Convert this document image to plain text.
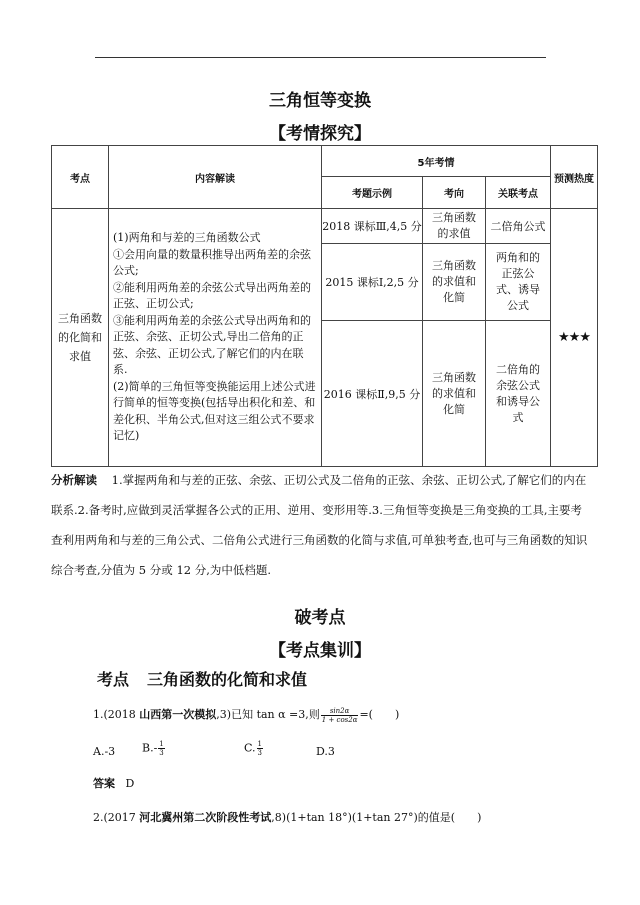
三角恒等变换
【考情探究】
考点	内容解读	5年考情			预测热度
		考题示例	考向	关联考点	
三角函数的化简和求值	(1)两角和与差的三角函数公式
①会用向量的数量积推导出两角差的余弦公式;
②能利用两角差的余弦公式导出两角差的正弦、正切公式;
③能利用两角差的余弦公式导出两角和的正弦、余弦、正切公式,导出二倍角的正弦、余弦、正切公式,了解它们的内在联系.
(2)简单的三角恒等变换能运用上述公式进行简单的恒等变换(包括导出积化和差、和差化积、半角公式,但对这三组公式不要求记忆)	2018 课标Ⅲ,4,5 分	三角函数的求值	二倍角公式	★★★
		2015 课标Ⅰ,2,5 分	三角函数的求值和化简	两角和的正弦公式、诱导公式	
		2016 课标Ⅱ,9,5 分	三角函数的求值和化简	二倍角的余弦公式和诱导公式	
分析解读 1.掌握两角和与差的正弦、余弦、正切公式及二倍角的正弦、余弦、正切公式,了解它们的内在联系.2.备考时,应做到灵活掌握各公式的正用、逆用、变形用等.3.三角恒等变换是三角变换的工具,主要考查利用两角和与差的三角公式、二倍角公式进行三角函数的化简与求值,可单独考查,也可与三角函数的知识综合考查,分值为 5 分或 12 分,为中低档题.
破考点
【考点集训】
考点 三角函数的化简和求值
1.(2018 山西第一次模拟,3)已知 tan α =3,则 $\frac{\sin 2\alpha}{1 + \cos 2\alpha}$ =(　　)
A.-3 $B.- \frac{1}{3}$	C. $\frac{1}{3}$	D.3
答案 D
2.(2017 河北冀州第二次阶段性考试,8)(1+tan 18°)(1+tan 27°)的值是(　　)
